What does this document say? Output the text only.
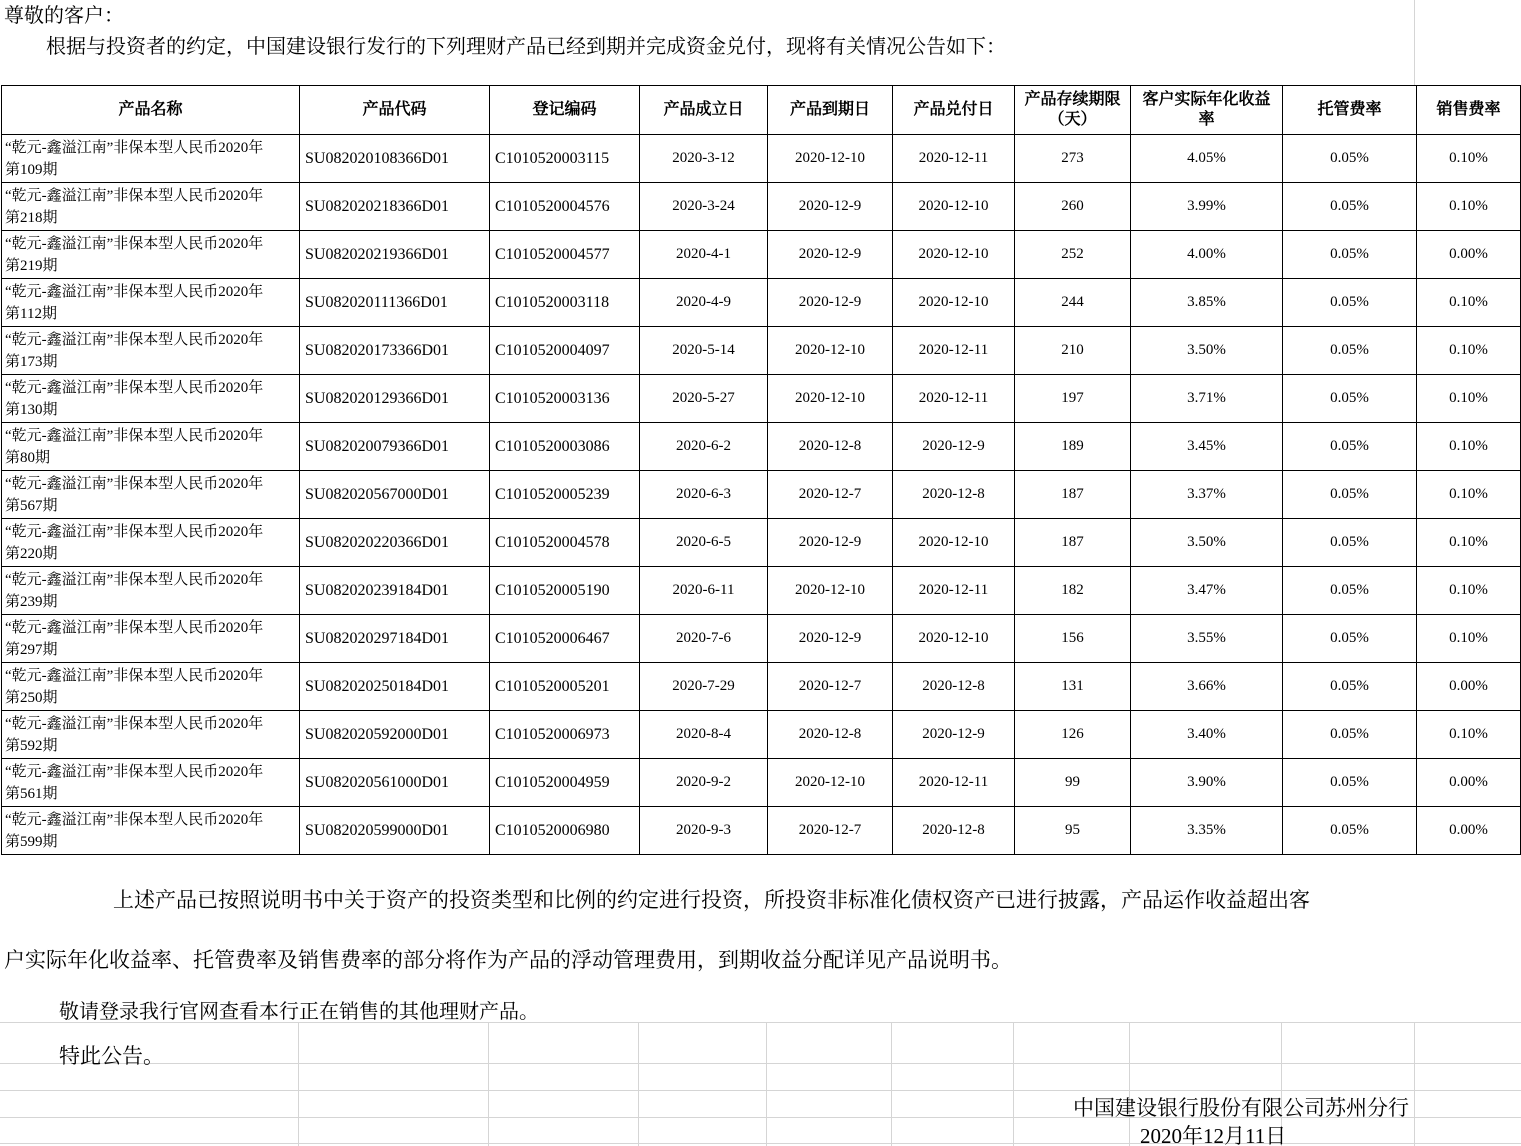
尊敬的客户：
根据与投资者的约定，中国建设银行发行的下列理财产品已经到期并完成资金兑付，现将有关情况公告如下：
产品名称	产品代码	登记编码	产品成立日	产品到期日	产品兑付日	产品存续期限（天）	客户实际年化收益率	托管费率	销售费率

“乾元-鑫溢江南”非保本型人民币2020年
第109期	SU082020108366D01	C1010520003115	2020-3-12	2020-12-10	2020-12-11	273	4.05%	0.05%	0.10%

“乾元-鑫溢江南”非保本型人民币2020年
第218期	SU082020218366D01	C1010520004576	2020-3-24	2020-12-9	2020-12-10	260	3.99%	0.05%	0.10%

“乾元-鑫溢江南”非保本型人民币2020年
第219期	SU082020219366D01	C1010520004577	2020-4-1	2020-12-9	2020-12-10	252	4.00%	0.05%	0.00%

“乾元-鑫溢江南”非保本型人民币2020年
第112期	SU082020111366D01	C1010520003118	2020-4-9	2020-12-9	2020-12-10	244	3.85%	0.05%	0.10%

“乾元-鑫溢江南”非保本型人民币2020年
第173期	SU082020173366D01	C1010520004097	2020-5-14	2020-12-10	2020-12-11	210	3.50%	0.05%	0.10%

“乾元-鑫溢江南”非保本型人民币2020年
第130期	SU082020129366D01	C1010520003136	2020-5-27	2020-12-10	2020-12-11	197	3.71%	0.05%	0.10%

“乾元-鑫溢江南”非保本型人民币2020年
第80期	SU082020079366D01	C1010520003086	2020-6-2	2020-12-8	2020-12-9	189	3.45%	0.05%	0.10%

“乾元-鑫溢江南”非保本型人民币2020年
第567期	SU082020567000D01	C1010520005239	2020-6-3	2020-12-7	2020-12-8	187	3.37%	0.05%	0.10%

“乾元-鑫溢江南”非保本型人民币2020年
第220期	SU082020220366D01	C1010520004578	2020-6-5	2020-12-9	2020-12-10	187	3.50%	0.05%	0.10%

“乾元-鑫溢江南”非保本型人民币2020年
第239期	SU082020239184D01	C1010520005190	2020-6-11	2020-12-10	2020-12-11	182	3.47%	0.05%	0.10%

“乾元-鑫溢江南”非保本型人民币2020年
第297期	SU082020297184D01	C1010520006467	2020-7-6	2020-12-9	2020-12-10	156	3.55%	0.05%	0.10%

“乾元-鑫溢江南”非保本型人民币2020年
第250期	SU082020250184D01	C1010520005201	2020-7-29	2020-12-7	2020-12-8	131	3.66%	0.05%	0.00%

“乾元-鑫溢江南”非保本型人民币2020年
第592期	SU082020592000D01	C1010520006973	2020-8-4	2020-12-8	2020-12-9	126	3.40%	0.05%	0.10%

“乾元-鑫溢江南”非保本型人民币2020年
第561期	SU082020561000D01	C1010520004959	2020-9-2	2020-12-10	2020-12-11	99	3.90%	0.05%	0.00%

“乾元-鑫溢江南”非保本型人民币2020年
第599期	SU082020599000D01	C1010520006980	2020-9-3	2020-12-7	2020-12-8	95	3.35%	0.05%	0.00%
上述产品已按照说明书中关于资产的投资类型和比例的约定进行投资，所投资非标准化债权资产已进行披露，产品运作收益超出客
户实际年化收益率、托管费率及销售费率的部分将作为产品的浮动管理费用，到期收益分配详见产品说明书。
敬请登录我行官网查看本行正在销售的其他理财产品。
特此公告。
中国建设银行股份有限公司苏州分行
2020年12月11日
